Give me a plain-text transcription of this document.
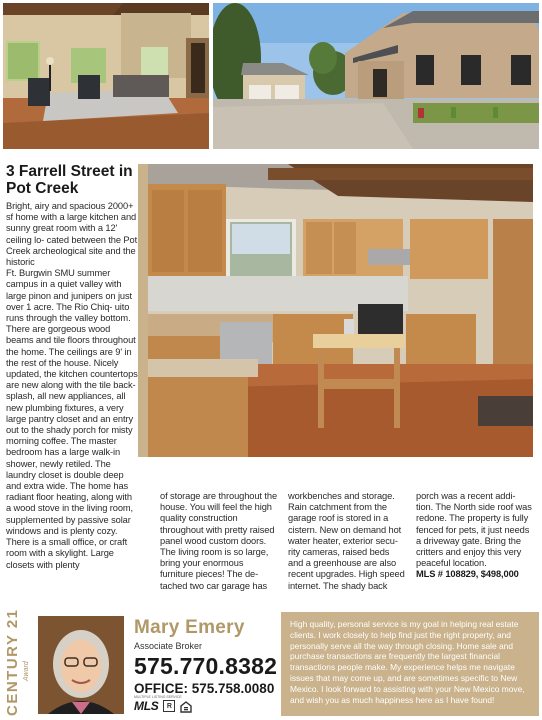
3 Farrell Street in Pot Creek

Bright, airy and spacious 2000+ sf home with a large kitchen and sunny great room with a 12' ceiling lo- cated between the Pot Creek archeological site and the historic
Ft. Burgwin SMU summer campus in a quiet valley with large pinon and junipers on just over 1 acre. The Rio Chiq- uito runs through the valley bottom. There are gorgeous wood beams and tile floors throughout the home. The ceilings are 9' in the rest of the house. Nicely updated, the kitchen countertops are new along with the tile back- splash, all new appliances, all new plumbing fixtures, a very large pantry closet and an entry out to the shady porch for misty morning coffee. The master bedroom has a large walk-in shower, newly retiled. The laundry closet is double deep and extra wide. The home has radiant floor heating, along with a wood stove in the living room, supplemented by passive solar windows and is plenty cozy. There is a small office, or craft room with a skylight. Large closets with plenty

of storage are throughout the house. You will feel the high quality construction throughout with pretty raised panel wood custom doors. The living room is so large, bring your enormous furniture pieces! The de- tached two car garage has

workbenches and storage. Rain catchment from the garage roof is stored in a cistern. New on demand hot water heater, exterior secu- rity cameras, raised beds and a greenhouse are also recent upgrades. High speed internet. The shady back

porch was a recent addi- tion. The North side roof was redone. The property is fully fenced for pets, it just needs a driveway gate. Bring the critters and enjoy this very peaceful location.

MLS # 108829, $498,000

CENTURY 21 Award
Mary Emery
Associate Broker
575.770.8382
OFFICE: 575.758.0080
MULTIPLE LISTING SERVICE
MLS	R
High quality, personal service is my goal in helping real estate clients. I work closely to help find just the right property, and personally serve all the way through closing. Home sale and purchase transactions are frequently the largest financial transactions people make. My experience helps me navigate issues that may come up, and are sometimes specific to New Mexico. I look forward to assisting with your New Mexico move, and wish you as much happiness here as I have found!
